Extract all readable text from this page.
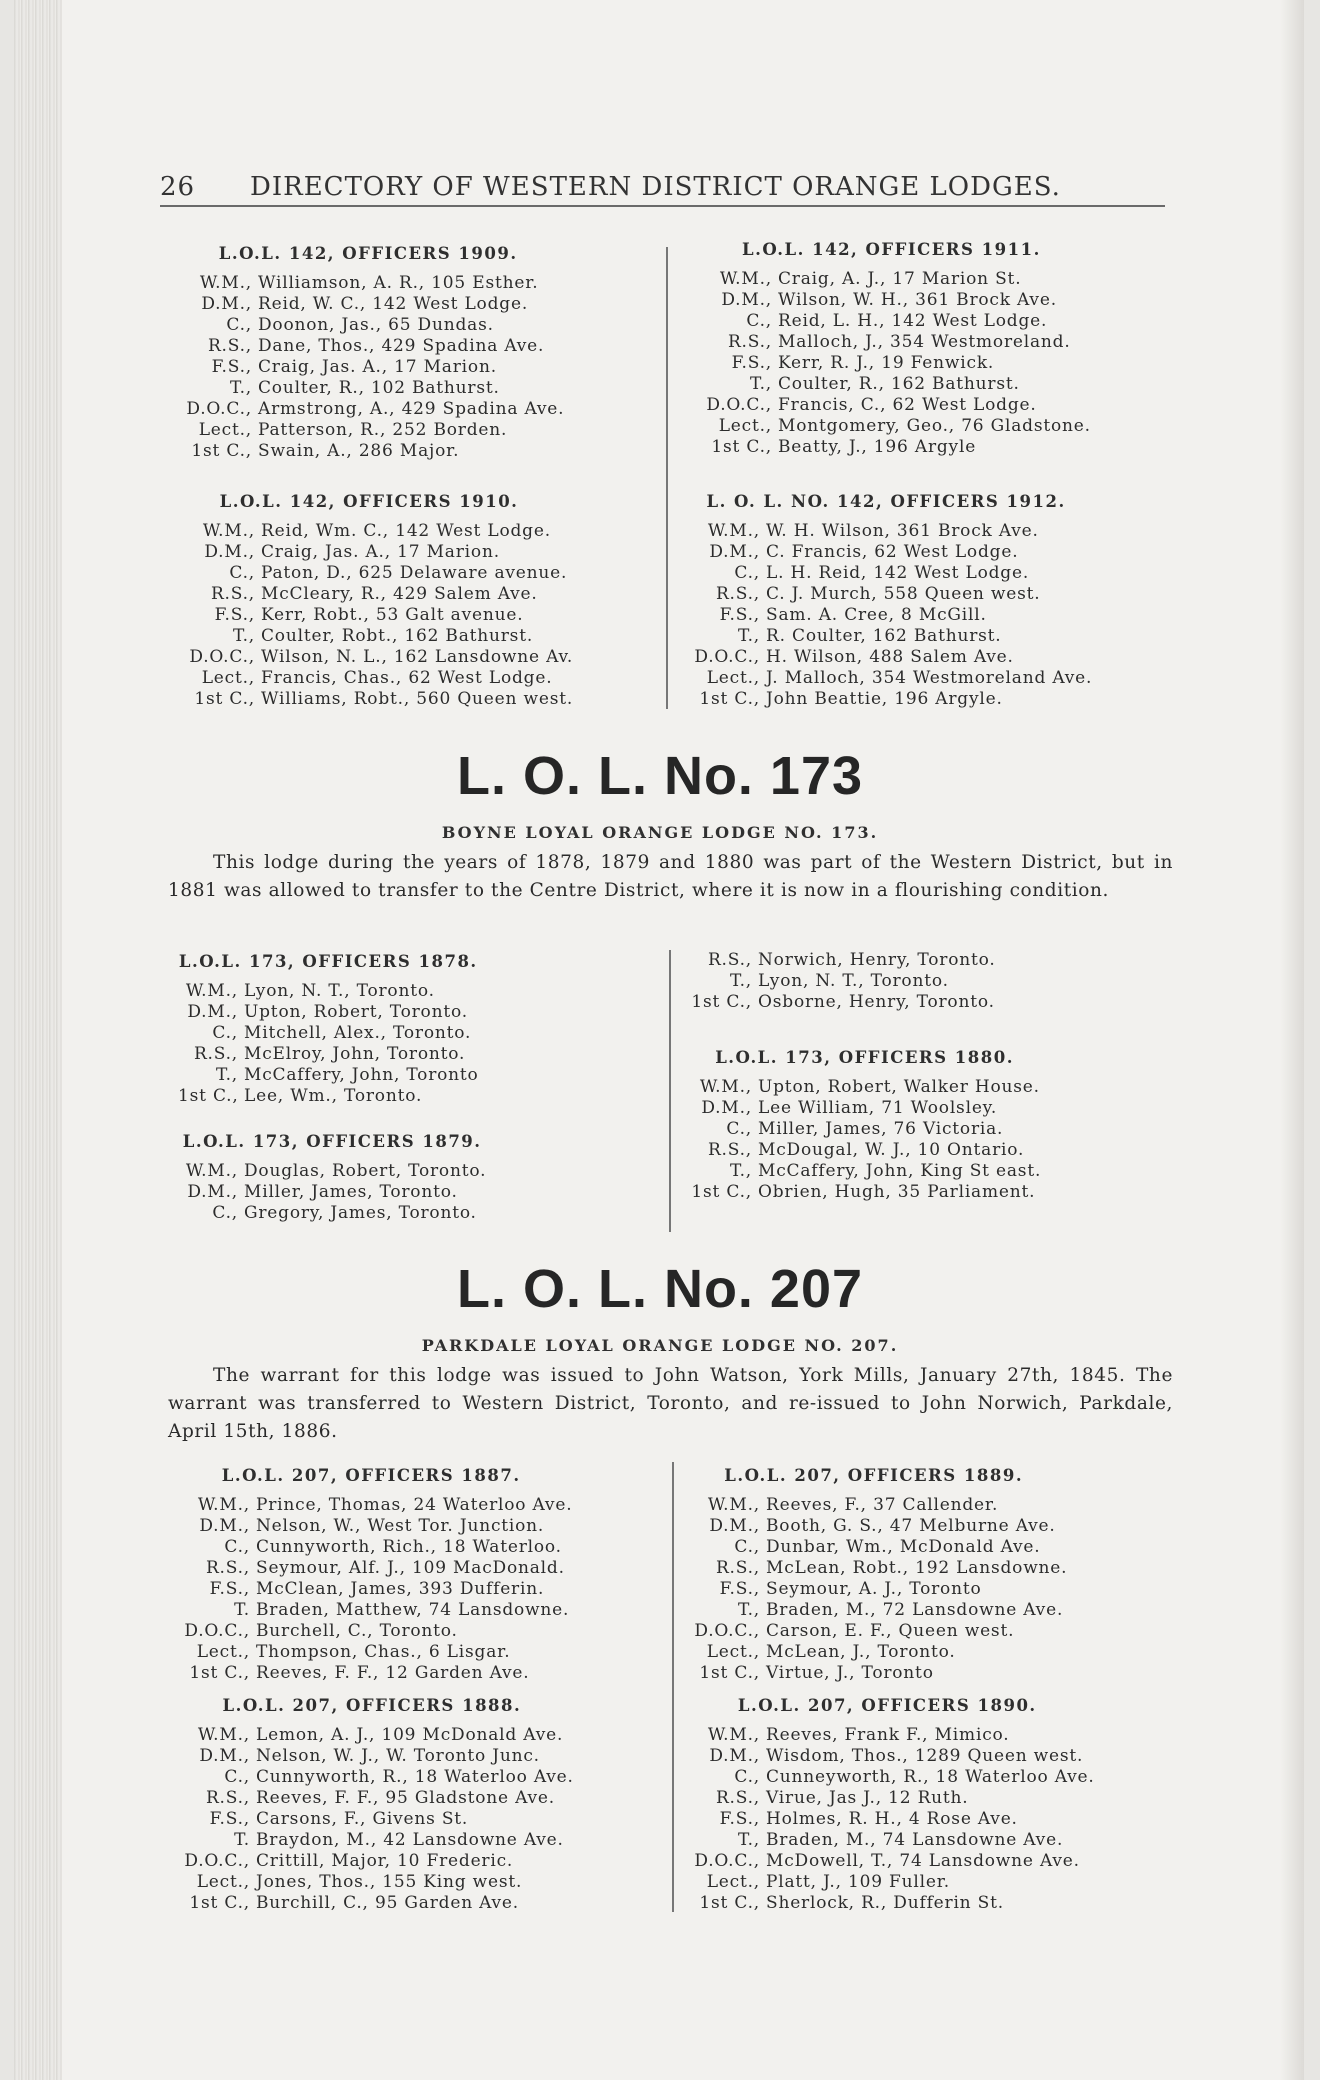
26 DIRECTORY OF WESTERN DISTRICT ORANGE LODGES.
L.O.L. 142, OFFICERS 1909.
W.M., Williamson, A. R., 105 Esther.
D.M., Reid, W. C., 142 West Lodge.
C., Doonon, Jas., 65 Dundas.
R.S., Dane, Thos., 429 Spadina Ave.
F.S., Craig, Jas. A., 17 Marion.
T., Coulter, R., 102 Bathurst.
D.O.C., Armstrong, A., 429 Spadina Ave.
Lect., Patterson, R., 252 Borden.
1st C., Swain, A., 286 Major.
L.O.L. 142, OFFICERS 1910.
W.M., Reid, Wm. C., 142 West Lodge.
D.M., Craig, Jas. A., 17 Marion.
C., Paton, D., 625 Delaware avenue.
R.S., McCleary, R., 429 Salem Ave.
F.S., Kerr, Robt., 53 Galt avenue.
T., Coulter, Robt., 162 Bathurst.
D.O.C., Wilson, N. L., 162 Lansdowne Av.
Lect., Francis, Chas., 62 West Lodge.
1st C., Williams, Robt., 560 Queen west.
L.O.L. 142, OFFICERS 1911.
W.M., Craig, A. J., 17 Marion St.
D.M., Wilson, W. H., 361 Brock Ave.
C., Reid, L. H., 142 West Lodge.
R.S., Malloch, J., 354 Westmoreland.
F.S., Kerr, R. J., 19 Fenwick.
T., Coulter, R., 162 Bathurst.
D.O.C., Francis, C., 62 West Lodge.
Lect., Montgomery, Geo., 76 Gladstone.
1st C., Beatty, J., 196 Argyle
L. O. L. NO. 142, OFFICERS 1912.
W.M., W. H. Wilson, 361 Brock Ave.
D.M., C. Francis, 62 West Lodge.
C., L. H. Reid, 142 West Lodge.
R.S., C. J. Murch, 558 Queen west.
F.S., Sam. A. Cree, 8 McGill.
T., R. Coulter, 162 Bathurst.
D.O.C., H. Wilson, 488 Salem Ave.
Lect., J. Malloch, 354 Westmoreland Ave.
1st C., John Beattie, 196 Argyle.
L. O. L. No. 173
BOYNE LOYAL ORANGE LODGE NO. 173.
This lodge during the years of 1878, 1879 and 1880 was part of the Western District, but in 1881 was allowed to transfer to the Centre District, where it is now in a flourishing condition.
L.O.L. 173, OFFICERS 1878.
W.M., Lyon, N. T., Toronto.
D.M., Upton, Robert, Toronto.
C., Mitchell, Alex., Toronto.
R.S., McElroy, John, Toronto.
T., McCaffery, John, Toronto
1st C., Lee, Wm., Toronto.
L.O.L. 173, OFFICERS 1879.
W.M., Douglas, Robert, Toronto.
D.M., Miller, James, Toronto.
C., Gregory, James, Toronto.
R.S., Norwich, Henry, Toronto.
T., Lyon, N. T., Toronto.
1st C., Osborne, Henry, Toronto.
L.O.L. 173, OFFICERS 1880.
W.M., Upton, Robert, Walker House.
D.M., Lee William, 71 Woolsley.
C., Miller, James, 76 Victoria.
R.S., McDougal, W. J., 10 Ontario.
T., McCaffery, John, King St east.
1st C., Obrien, Hugh, 35 Parliament.
L. O. L. No. 207
PARKDALE LOYAL ORANGE LODGE NO. 207.
The warrant for this lodge was issued to John Watson, York Mills, January 27th, 1845. The warrant was transferred to Western District, Toronto, and re-issued to John Norwich, Parkdale, April 15th, 1886.
L.O.L. 207, OFFICERS 1887.
W.M., Prince, Thomas, 24 Waterloo Ave.
D.M., Nelson, W., West Tor. Junction.
C., Cunnyworth, Rich., 18 Waterloo.
R.S., Seymour, Alf. J., 109 MacDonald.
F.S., McClean, James, 393 Dufferin.
T. Braden, Matthew, 74 Lansdowne.
D.O.C., Burchell, C., Toronto.
Lect., Thompson, Chas., 6 Lisgar.
1st C., Reeves, F. F., 12 Garden Ave.
L.O.L. 207, OFFICERS 1888.
W.M., Lemon, A. J., 109 McDonald Ave.
D.M., Nelson, W. J., W. Toronto Junc.
C., Cunnyworth, R., 18 Waterloo Ave.
R.S., Reeves, F. F., 95 Gladstone Ave.
F.S., Carsons, F., Givens St.
T. Braydon, M., 42 Lansdowne Ave.
D.O.C., Crittill, Major, 10 Frederic.
Lect., Jones, Thos., 155 King west.
1st C., Burchill, C., 95 Garden Ave.
L.O.L. 207, OFFICERS 1889.
W.M., Reeves, F., 37 Callender.
D.M., Booth, G. S., 47 Melburne Ave.
C., Dunbar, Wm., McDonald Ave.
R.S., McLean, Robt., 192 Lansdowne.
F.S., Seymour, A. J., Toronto
T., Braden, M., 72 Lansdowne Ave.
D.O.C., Carson, E. F., Queen west.
Lect., McLean, J., Toronto.
1st C., Virtue, J., Toronto
L.O.L. 207, OFFICERS 1890.
W.M., Reeves, Frank F., Mimico.
D.M., Wisdom, Thos., 1289 Queen west.
C., Cunneyworth, R., 18 Waterloo Ave.
R.S., Virue, Jas J., 12 Ruth.
F.S., Holmes, R. H., 4 Rose Ave.
T., Braden, M., 74 Lansdowne Ave.
D.O.C., McDowell, T., 74 Lansdowne Ave.
Lect., Platt, J., 109 Fuller.
1st C., Sherlock, R., Dufferin St.
